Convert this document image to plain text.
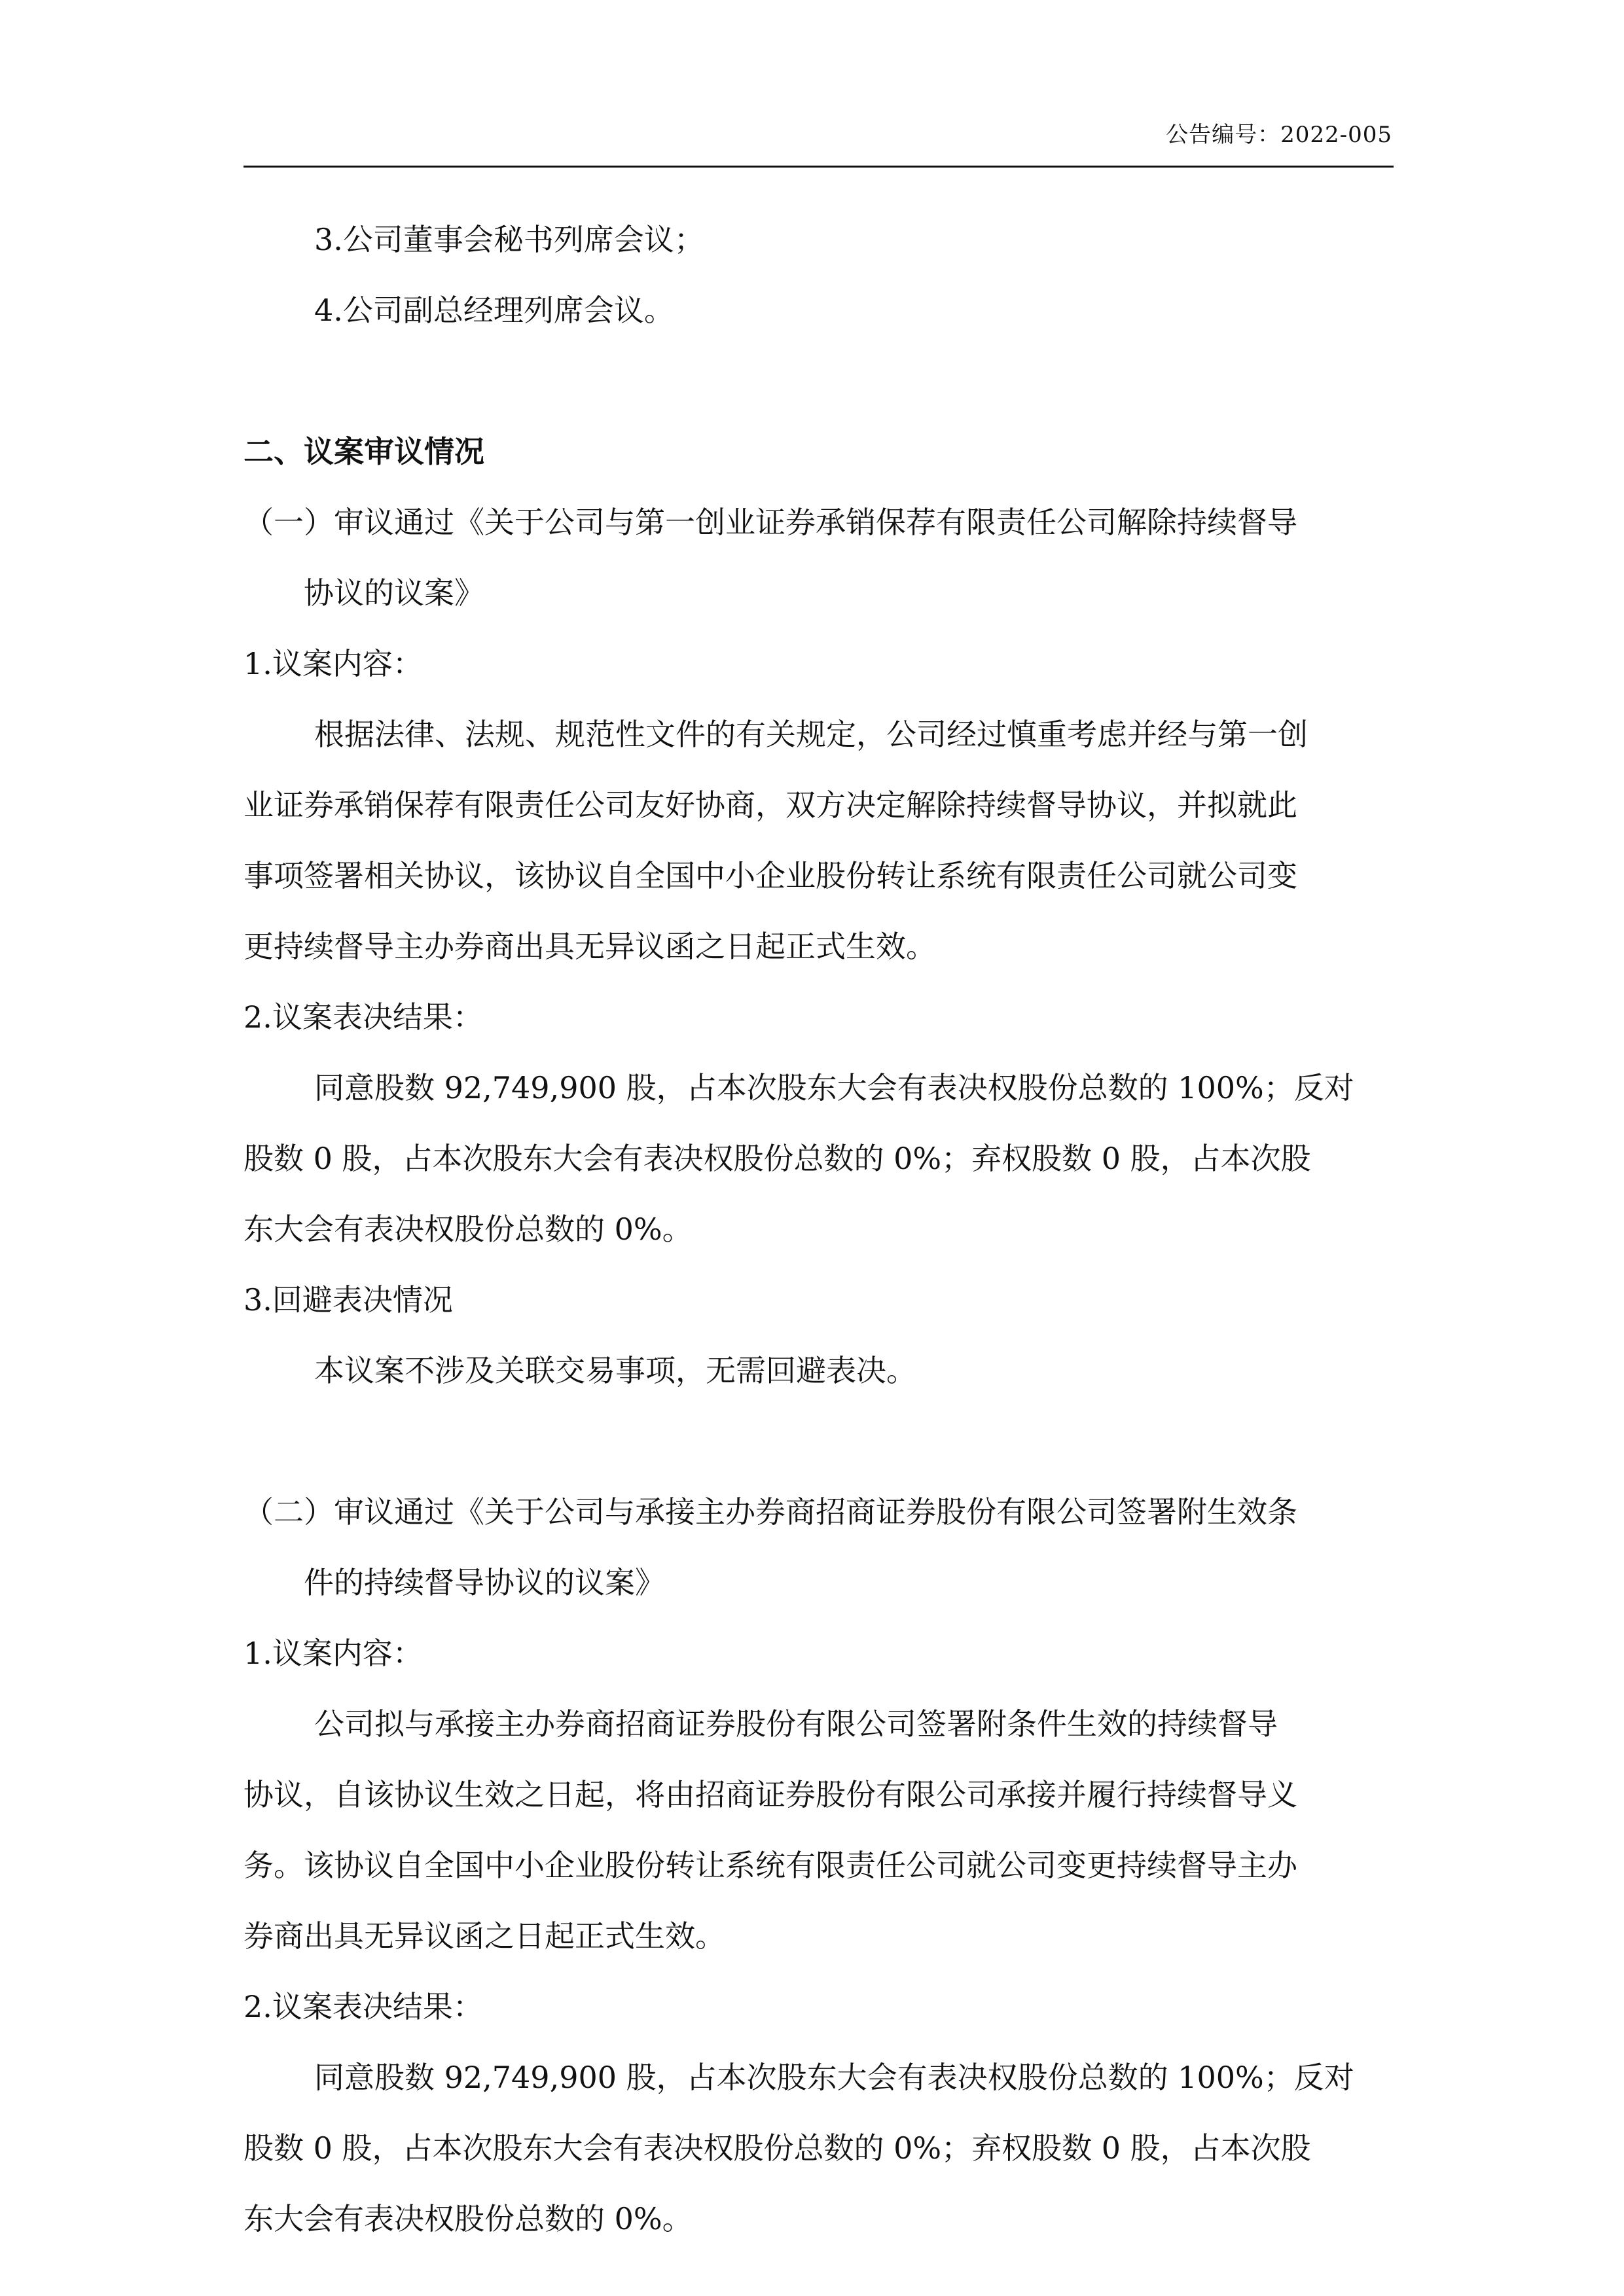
公告编号：2022-005
3.公司董事会秘书列席会议；
4.公司副总经理列席会议。
二、议案审议情况
（一）审议通过《关于公司与第一创业证券承销保荐有限责任公司解除持续督导
协议的议案》
1.议案内容：
根据法律、法规、规范性文件的有关规定，公司经过慎重考虑并经与第一创
业证券承销保荐有限责任公司友好协商，双方决定解除持续督导协议，并拟就此
事项签署相关协议，该协议自全国中小企业股份转让系统有限责任公司就公司变
更持续督导主办券商出具无异议函之日起正式生效。
2.议案表决结果：
同意股数 92,749,900 股，占本次股东大会有表决权股份总数的 100%；反对
股数 0 股，占本次股东大会有表决权股份总数的 0%；弃权股数 0 股，占本次股
东大会有表决权股份总数的 0%。
3.回避表决情况
本议案不涉及关联交易事项，无需回避表决。
（二）审议通过《关于公司与承接主办券商招商证券股份有限公司签署附生效条
件的持续督导协议的议案》
1.议案内容：
公司拟与承接主办券商招商证券股份有限公司签署附条件生效的持续督导
协议，自该协议生效之日起，将由招商证券股份有限公司承接并履行持续督导义
务。该协议自全国中小企业股份转让系统有限责任公司就公司变更持续督导主办
券商出具无异议函之日起正式生效。
2.议案表决结果：
同意股数 92,749,900 股，占本次股东大会有表决权股份总数的 100%；反对
股数 0 股，占本次股东大会有表决权股份总数的 0%；弃权股数 0 股，占本次股
东大会有表决权股份总数的 0%。
